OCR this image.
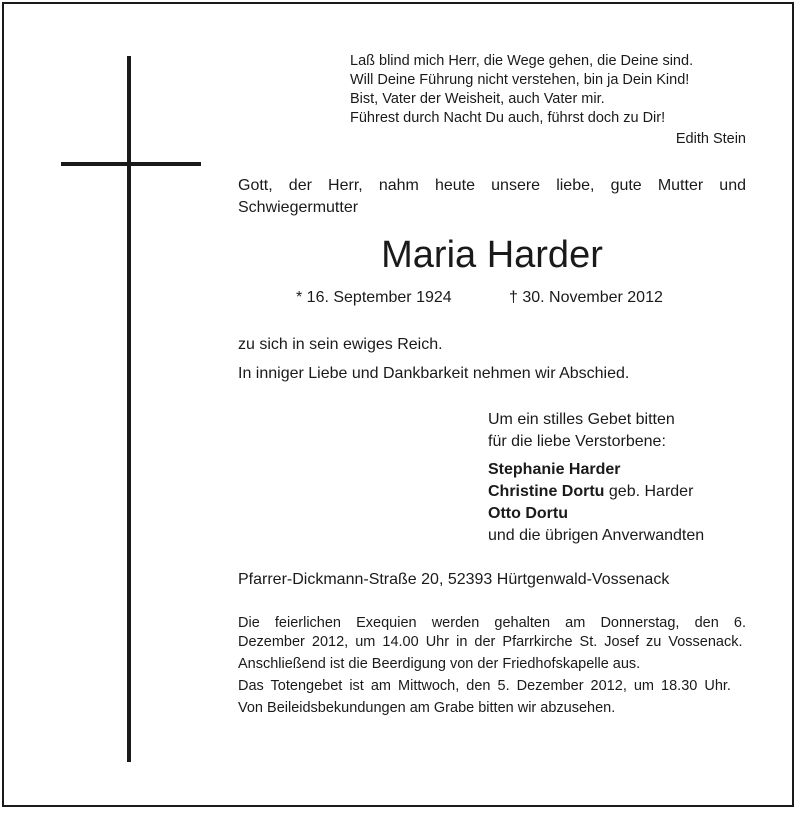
Laß blind mich Herr, die Wege gehen, die Deine sind.
Will Deine Führung nicht verstehen, bin ja Dein Kind!
Bist, Vater der Weisheit, auch Vater mir.
Führest durch Nacht Du auch, führst doch zu Dir!
Edith Stein
Gott, der Herr, nahm heute unsere liebe, gute Mutter und Schwiegermutter
Maria Harder
* 16. September 1924	† 30. November 2012
zu sich in sein ewiges Reich.
In inniger Liebe und Dankbarkeit nehmen wir Abschied.

Um ein stilles Gebet bitten

für die liebe Verstorbene:

Stephanie Harder

Christine Dortu geb. Harder

Otto Dortu

und die übrigen Anverwandten

Pfarrer-Dickmann-Straße 20, 52393 Hürtgenwald-Vossenack

Die feierlichen Exequien werden gehalten am Donnerstag, den 6. Dezember 2012, um 14.00 Uhr in der Pfarrkirche St. Josef zu Vossenack.

Anschließend ist die Beerdigung von der Friedhofskapelle aus.

Das Totengebet ist am Mittwoch, den 5. Dezember 2012, um 18.30 Uhr.

Von Beileidsbekundungen am Grabe bitten wir abzusehen.
